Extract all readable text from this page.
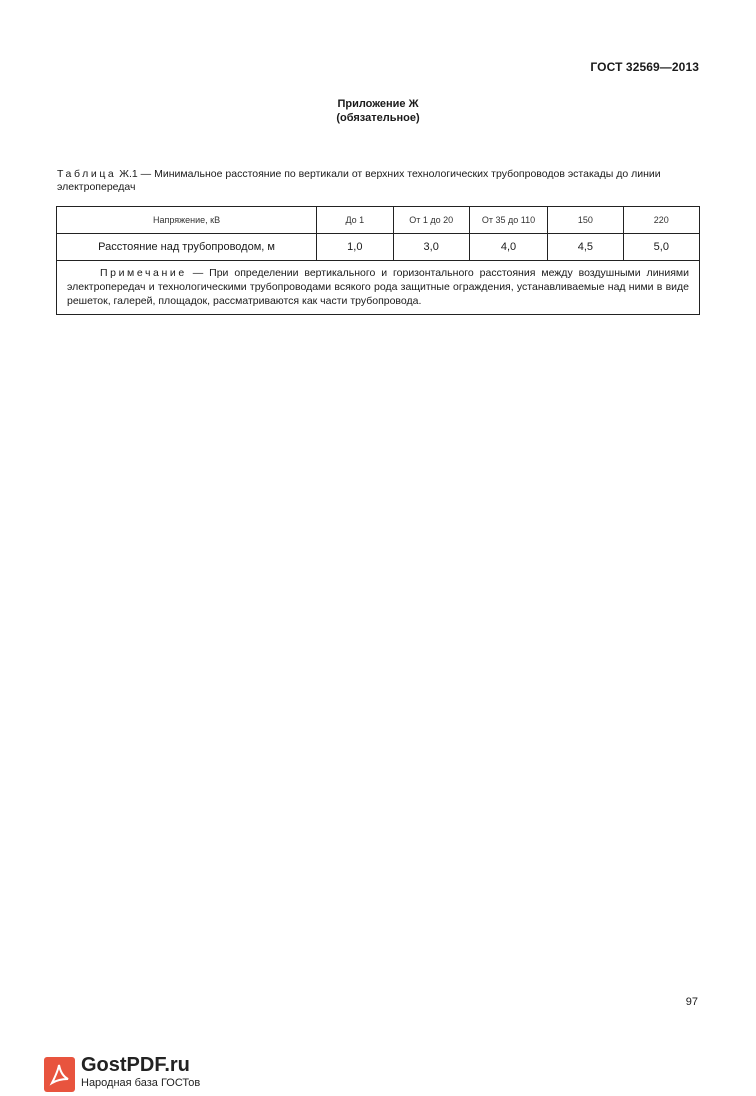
ГОСТ 32569—2013
Приложение Ж
(обязательное)
Таблица Ж.1 — Минимальное расстояние по вертикали от верхних технологических трубопроводов эстакады до линии электропередач
Напряжение, кВ	До 1	От 1 до 20	От 35 до 110	150	220
Расстояние над трубопроводом, м	1,0	3,0	4,0	4,5	5,0
Примечание — При определении вертикального и горизонтального расстояния между воздушными линиями электропередач и технологическими трубопроводами всякого рода защитные ограждения, устанавливаемые над ними в виде решеток, галерей, площадок, рассматриваются как части трубопровода.					
97
GostPDF.ru
Народная база ГОСТов
